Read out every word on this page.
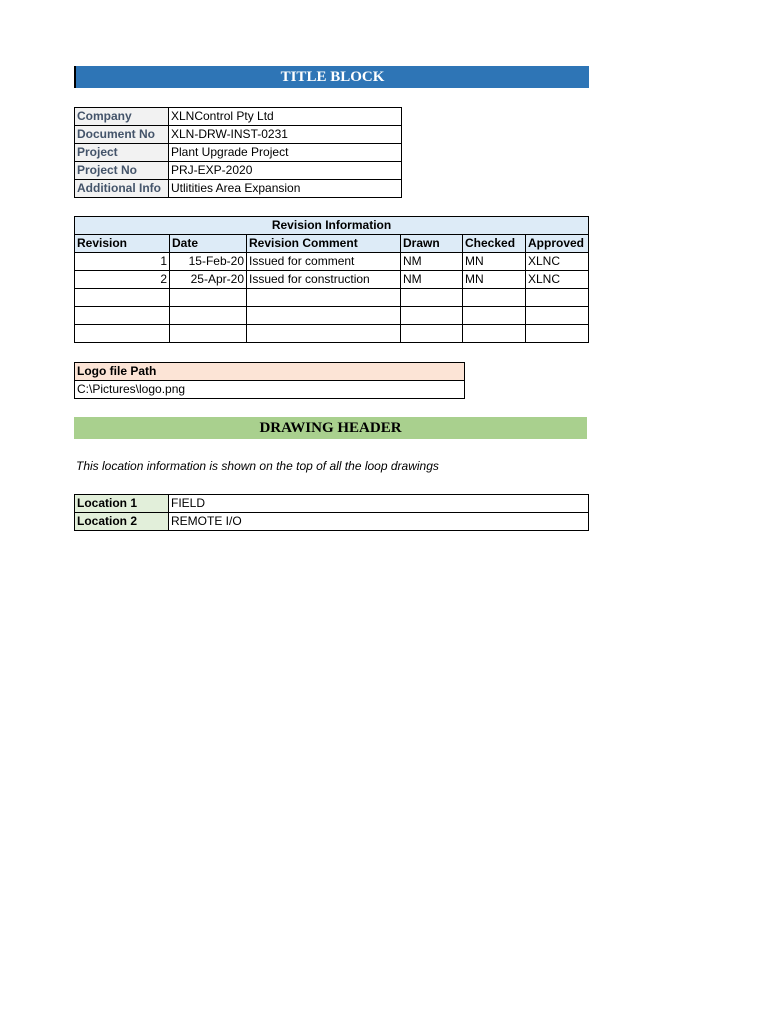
TITLE BLOCK
Company	XLNControl Pty Ltd
Document No	XLN-DRW-INST-0231
Project	Plant Upgrade Project
Project No	PRJ-EXP-2020
Additional Info	Utlitities Area Expansion
Revision Information					
Revision	Date	Revision Comment	Drawn	Checked	Approved
1	15-Feb-20	Issued for comment	NM	MN	XLNC
2	25-Apr-20	Issued for construction	NM	MN	XLNC

Logo file Path
C:\Pictures\logo.png
DRAWING HEADER
This location information is shown on the top of all the loop drawings
Location 1	FIELD
Location 2	REMOTE I/O
